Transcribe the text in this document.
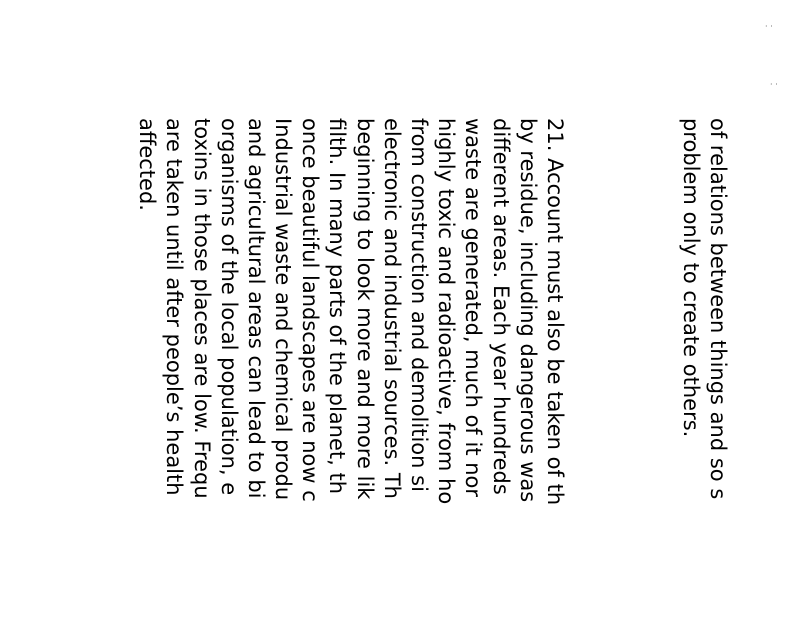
of relations between things and so s
problem only to create others.
21. Account must also be taken of th
by residue, including dangerous was
different areas. Each year hundreds
waste are generated, much of it nor
highly toxic and radioactive, from ho
from construction and demolition si
electronic and industrial sources. Th
beginning to look more and more lik
filth. In many parts of the planet, th
once beautiful landscapes are now c
Industrial waste and chemical produ
and agricultural areas can lead to bi
organisms of the local population, e
toxins in those places are low. Frequ
are taken until after people’s health
affected.
· ·
· ·
